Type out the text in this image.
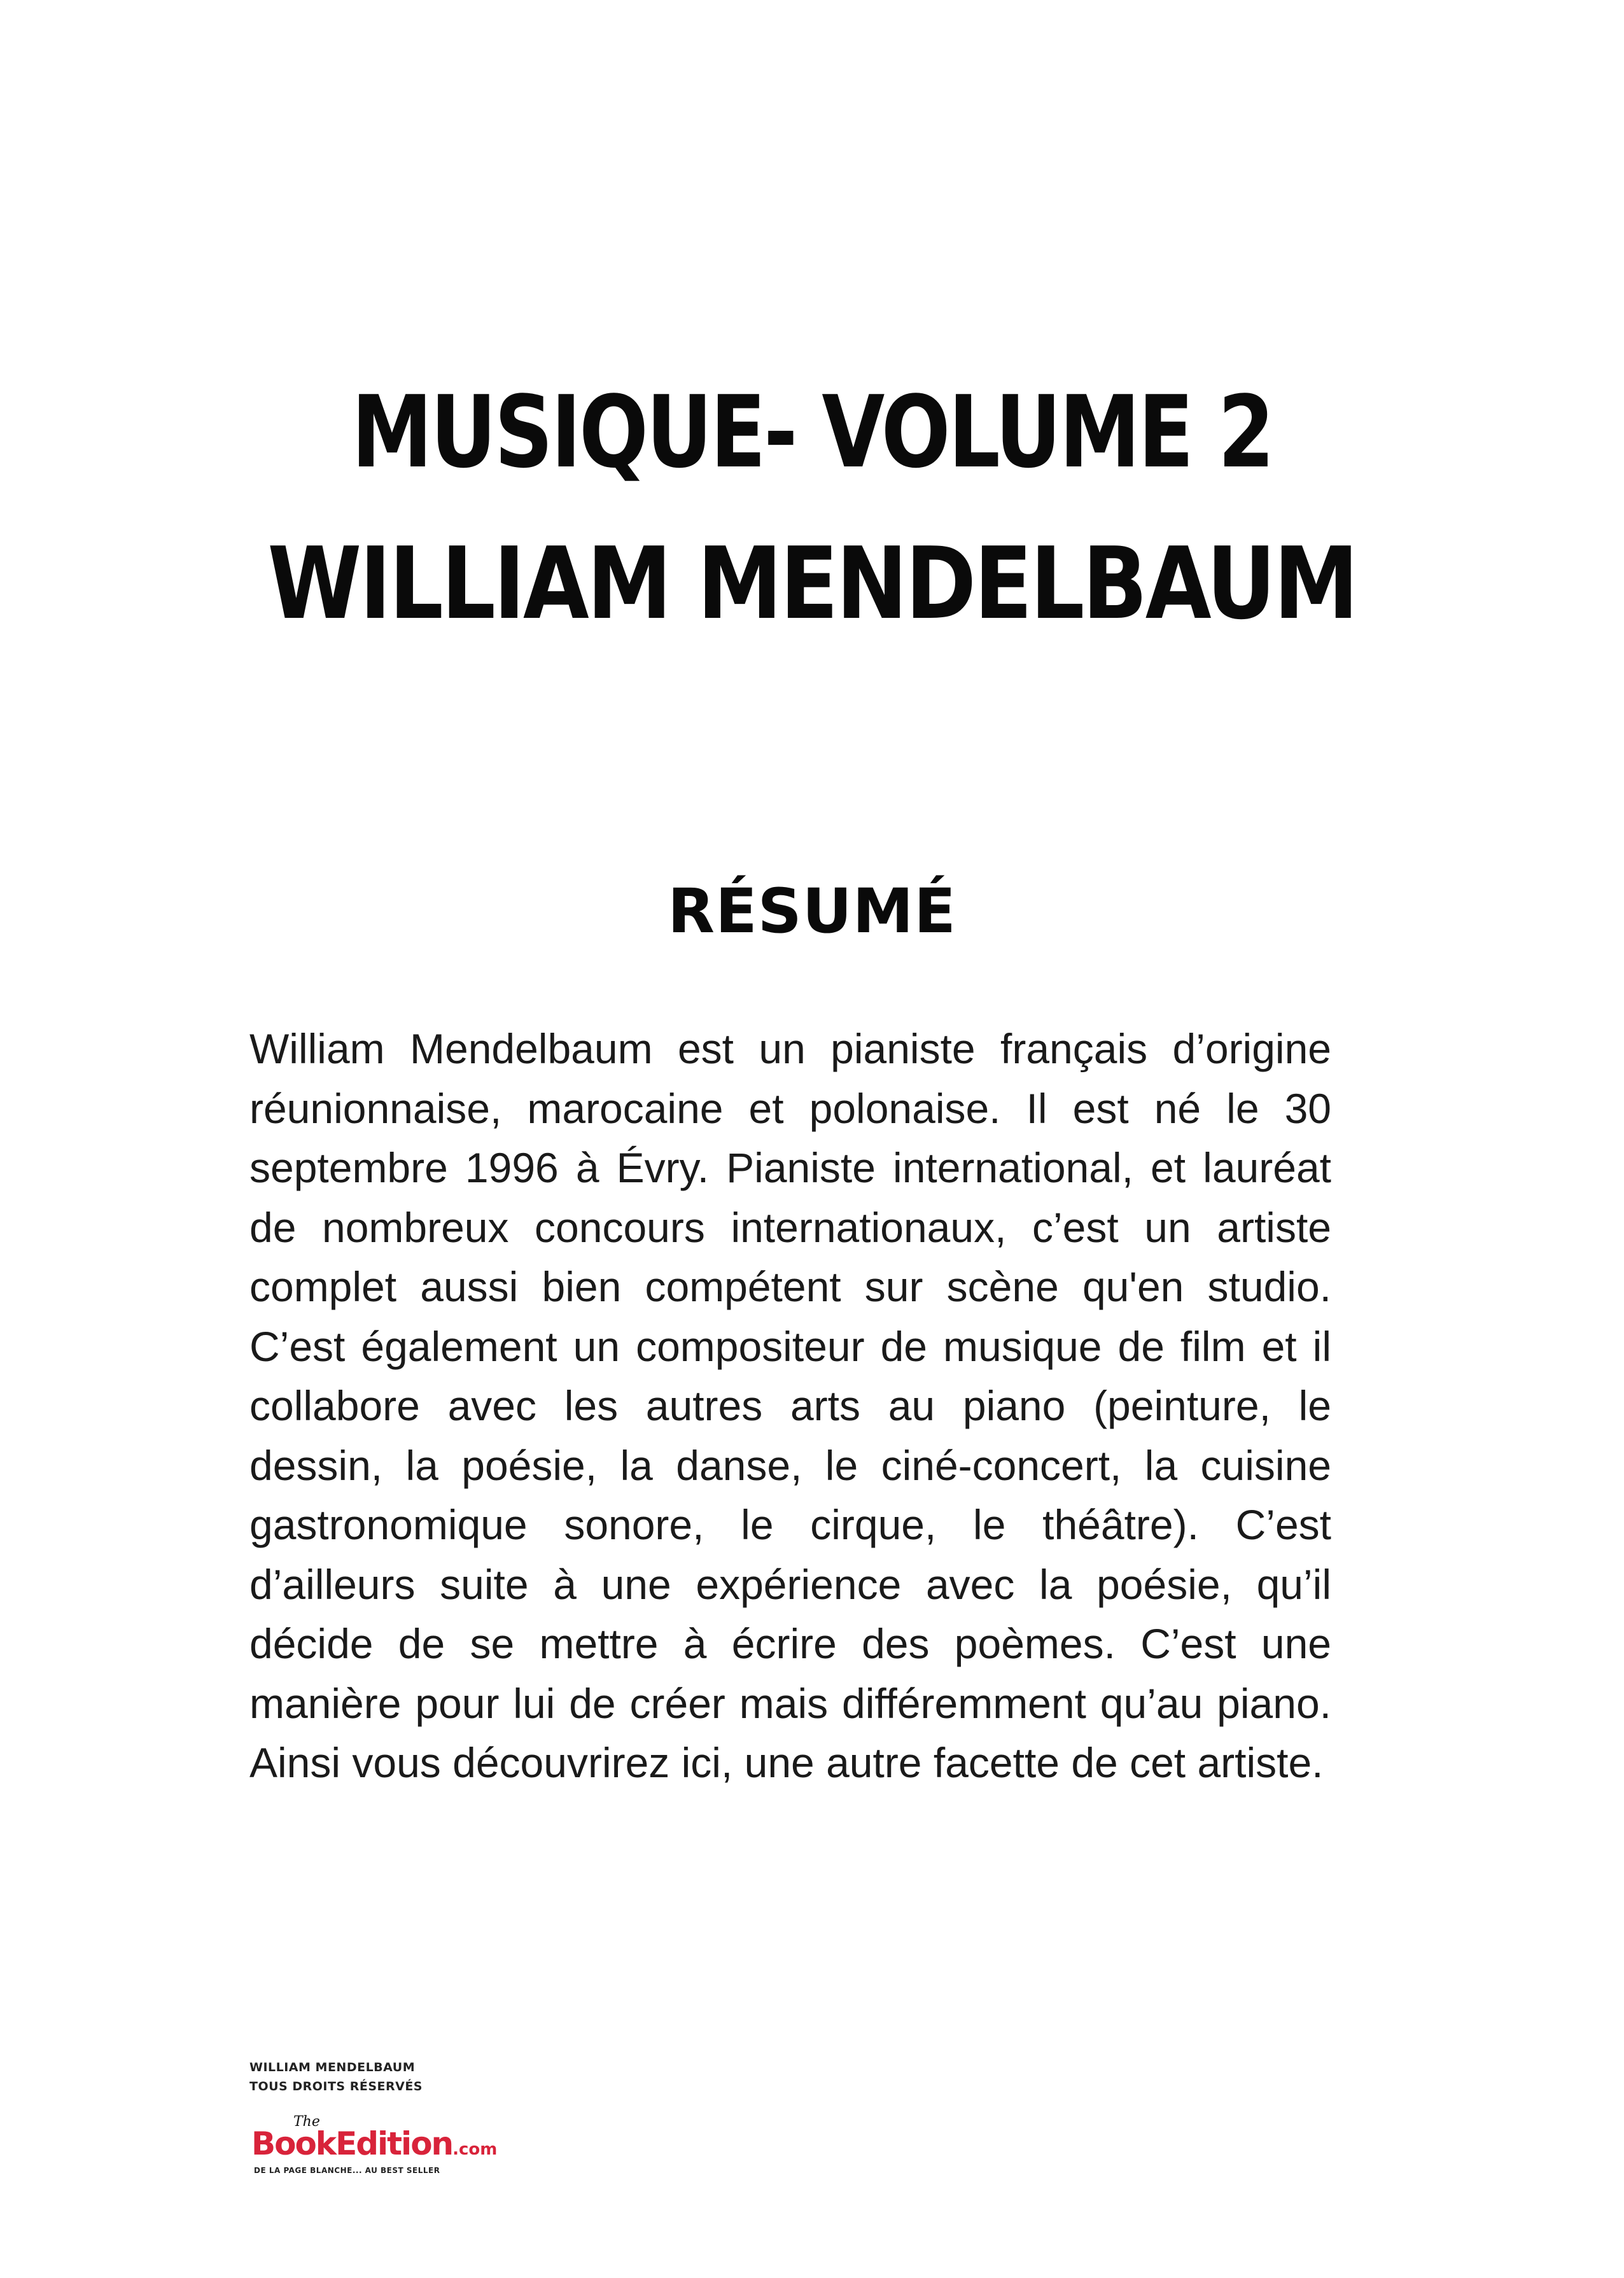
MUSIQUE- VOLUME 2
WILLIAM MENDELBAUM
RÉSUMÉ

William Mendelbaum est un pianiste français d’origine réunionnaise, marocaine et polonaise. Il est né le 30 septembre 1996 à Évry. Pianiste international, et lauréat de nombreux concours internationaux, c’est un artiste complet aussi bien compétent sur scène qu'en studio. C’est également un compositeur de musique de film et il collabore avec les autres arts au piano (peinture, le dessin, la poésie, la danse, le ciné-concert, la cuisine gastronomique sonore, le cirque, le théâtre). C’est d’ailleurs suite à une expérience avec la poésie, qu’il décide de se mettre à écrire des poèmes. C’est une manière pour lui de créer mais différemment qu’au piano. Ainsi vous découvrirez ici, une autre facette de cet artiste.

WILLIAM MENDELBAUM
TOUS DROITS RÉSERVÉS
The
BookEdition.com
DE LA PAGE BLANCHE... AU BEST SELLER
